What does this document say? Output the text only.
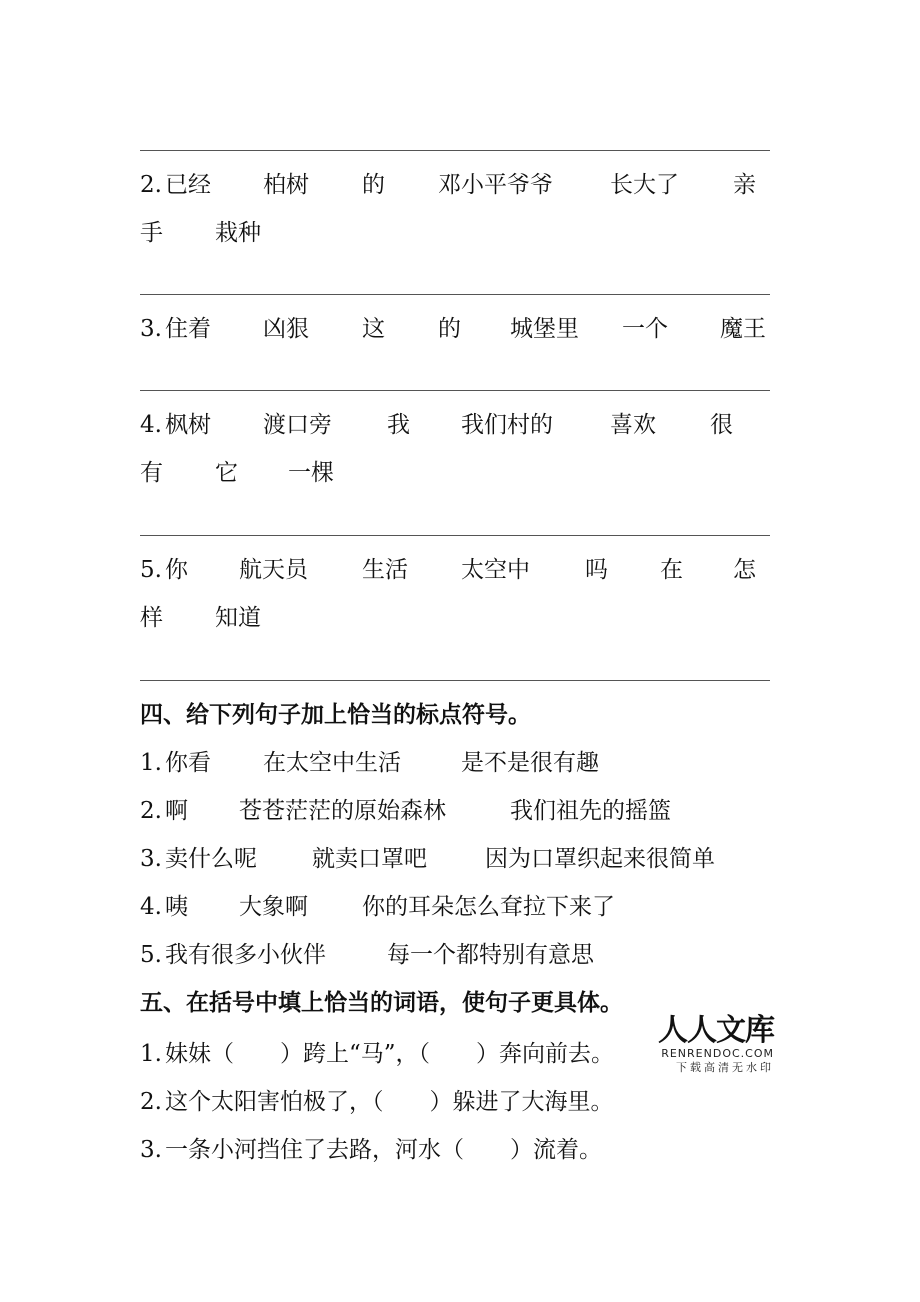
2. 已经 柏树 的 邓小平爷爷 长大了 亲
手 栽种
3. 住着 凶狠 这 的 城堡里 一个 魔王
4. 枫树 渡口旁 我 我们村的 喜欢 很
有 它 一棵
5. 你 航天员 生活 太空中 吗 在 怎
样 知道
四、给下列句子加上恰当的标点符号。
1. 你看 在太空中生活	是不是很有趣
2. 啊 苍苍茫茫的原始森林	我们祖先的摇篮
3. 卖什么呢 就卖口罩吧	因为口罩织起来很简单
4. 咦 大象啊 你的耳朵怎么耷拉下来了
5. 我有很多小伙伴	每一个都特别有意思
五、在括号中填上恰当的词语，使句子更具体。
1. 妹妹（　　）跨上“马”，（　　）奔向前去。
2. 这个太阳害怕极了，（　　）躲进了大海里。
3. 一条小河挡住了去路，河水（　　）流着。
人人文库
RENRENDOC.COM
下载高清无水印
